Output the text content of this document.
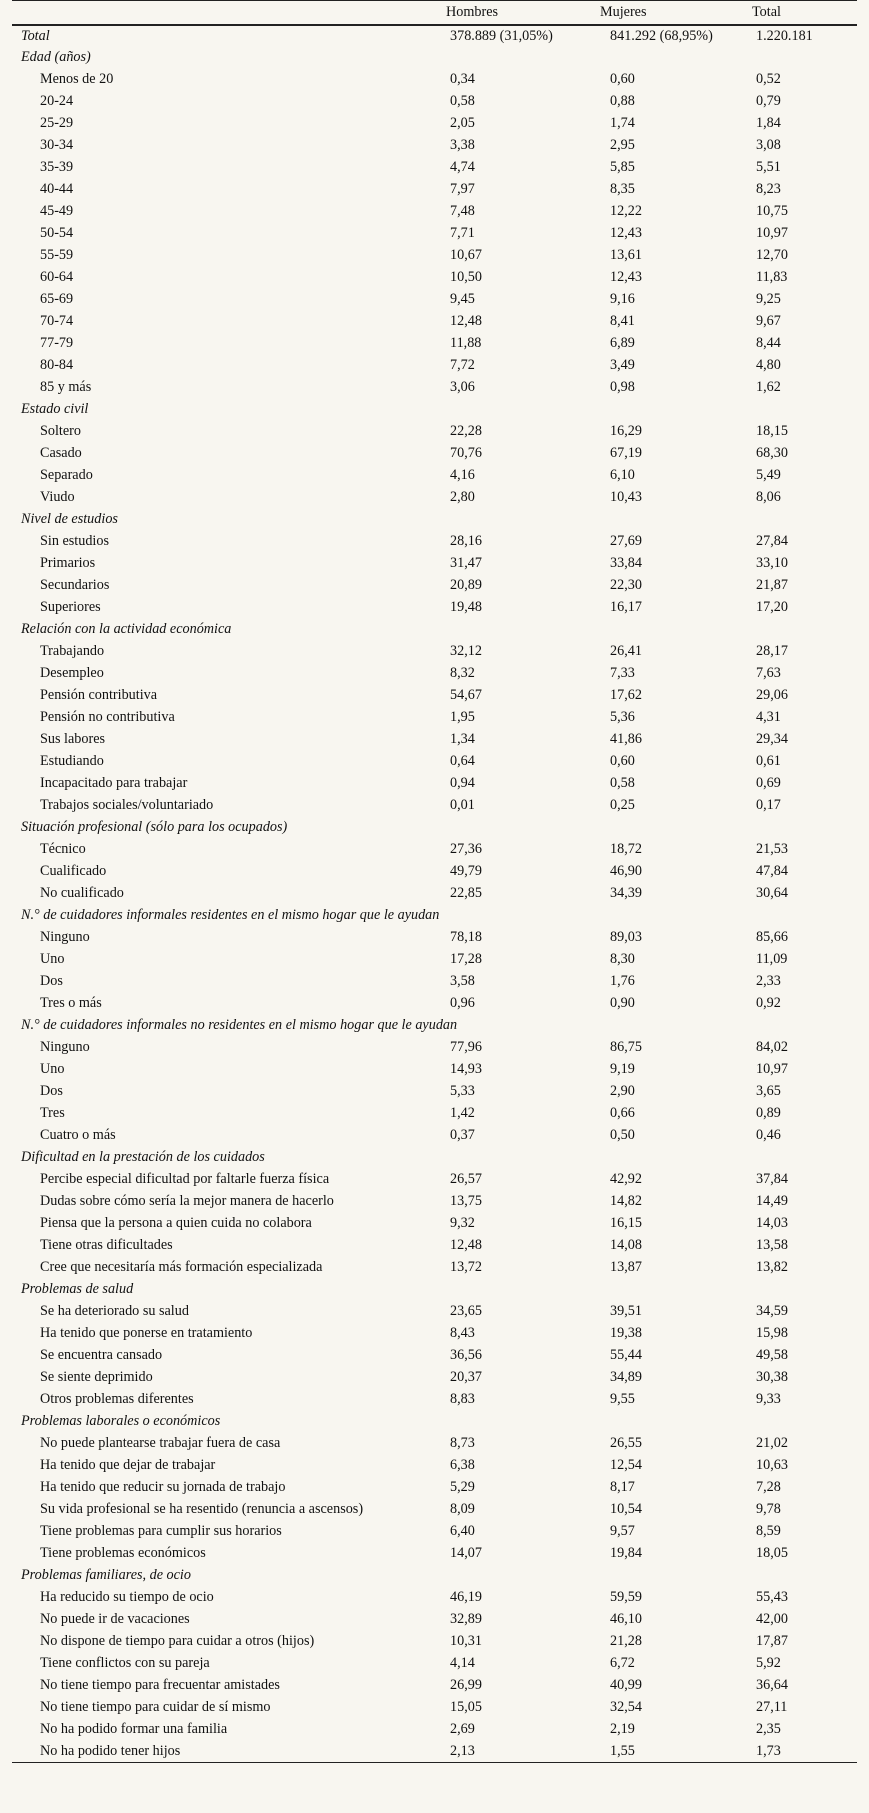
	Hombres	Mujeres	Total
Total	378.889 (31,05%)	841.292 (68,95%)	1.220.181
Edad (años)			
Menos de 20	0,34	0,60	0,52
20-24	0,58	0,88	0,79
25-29	2,05	1,74	1,84
30-34	3,38	2,95	3,08
35-39	4,74	5,85	5,51
40-44	7,97	8,35	8,23
45-49	7,48	12,22	10,75
50-54	7,71	12,43	10,97
55-59	10,67	13,61	12,70
60-64	10,50	12,43	11,83
65-69	9,45	9,16	9,25
70-74	12,48	8,41	9,67
77-79	11,88	6,89	8,44
80-84	7,72	3,49	4,80
85 y más	3,06	0,98	1,62
Estado civil			
Soltero	22,28	16,29	18,15
Casado	70,76	67,19	68,30
Separado	4,16	6,10	5,49
Viudo	2,80	10,43	8,06
Nivel de estudios			
Sin estudios	28,16	27,69	27,84
Primarios	31,47	33,84	33,10
Secundarios	20,89	22,30	21,87
Superiores	19,48	16,17	17,20
Relación con la actividad económica			
Trabajando	32,12	26,41	28,17
Desempleo	8,32	7,33	7,63
Pensión contributiva	54,67	17,62	29,06
Pensión no contributiva	1,95	5,36	4,31
Sus labores	1,34	41,86	29,34
Estudiando	0,64	0,60	0,61
Incapacitado para trabajar	0,94	0,58	0,69
Trabajos sociales/voluntariado	0,01	0,25	0,17
Situación profesional (sólo para los ocupados)			
Técnico	27,36	18,72	21,53
Cualificado	49,79	46,90	47,84
No cualificado	22,85	34,39	30,64
N.° de cuidadores informales residentes en el mismo hogar que le ayudan			
Ninguno	78,18	89,03	85,66
Uno	17,28	8,30	11,09
Dos	3,58	1,76	2,33
Tres o más	0,96	0,90	0,92
N.° de cuidadores informales no residentes en el mismo hogar que le ayudan			
Ninguno	77,96	86,75	84,02
Uno	14,93	9,19	10,97
Dos	5,33	2,90	3,65
Tres	1,42	0,66	0,89
Cuatro o más	0,37	0,50	0,46
Dificultad en la prestación de los cuidados			
Percibe especial dificultad por faltarle fuerza física	26,57	42,92	37,84
Dudas sobre cómo sería la mejor manera de hacerlo	13,75	14,82	14,49
Piensa que la persona a quien cuida no colabora	9,32	16,15	14,03
Tiene otras dificultades	12,48	14,08	13,58
Cree que necesitaría más formación especializada	13,72	13,87	13,82
Problemas de salud			
Se ha deteriorado su salud	23,65	39,51	34,59
Ha tenido que ponerse en tratamiento	8,43	19,38	15,98
Se encuentra cansado	36,56	55,44	49,58
Se siente deprimido	20,37	34,89	30,38
Otros problemas diferentes	8,83	9,55	9,33
Problemas laborales o económicos			
No puede plantearse trabajar fuera de casa	8,73	26,55	21,02
Ha tenido que dejar de trabajar	6,38	12,54	10,63
Ha tenido que reducir su jornada de trabajo	5,29	8,17	7,28
Su vida profesional se ha resentido (renuncia a ascensos)	8,09	10,54	9,78
Tiene problemas para cumplir sus horarios	6,40	9,57	8,59
Tiene problemas económicos	14,07	19,84	18,05
Problemas familiares, de ocio			
Ha reducido su tiempo de ocio	46,19	59,59	55,43
No puede ir de vacaciones	32,89	46,10	42,00
No dispone de tiempo para cuidar a otros (hijos)	10,31	21,28	17,87
Tiene conflictos con su pareja	4,14	6,72	5,92
No tiene tiempo para frecuentar amistades	26,99	40,99	36,64
No tiene tiempo para cuidar de sí mismo	15,05	32,54	27,11
No ha podido formar una familia	2,69	2,19	2,35
No ha podido tener hijos	2,13	1,55	1,73
